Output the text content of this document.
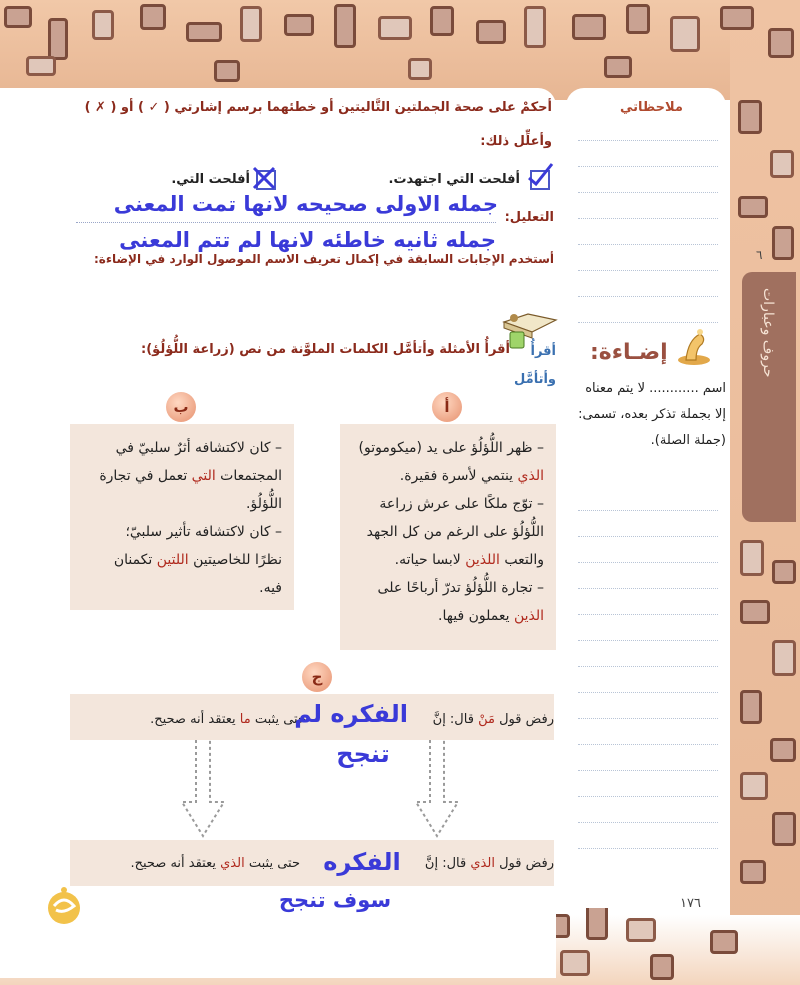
ملاحظاتي
٦
حروف وعبارات
إضـاءة:
اسم ............ لا يتم معناه إلا بجملة تذكر بعده، تسمى: (جملة الصلة).
أحكمْ على صحة الجملتين التَّاليتين أو خطئهما برسم إشارتي ( ✓ ) أو ( ✗ )
وأعلِّل ذلك:
أفلحت التي اجتهدت.
أفلحت التي.
التعليل:
جمله الاولى صحيحه لانها تمت المعنى
جمله ثانيه خاطئه لانها لم تتم المعنى
أستخدم الإجابات السابقة في إكمال تعريف الاسم الموصول الوارد في الإضاءة:
أقرأُ
وأتأمَّل
أقرأُ الأمثلة وأتأمَّل الكلمات الملوَّنة من نص (زراعة اللُّؤلُؤ):
أ

– ظهر اللُّؤلُؤ على يد (ميكوموتو)

الذي ينتمي لأسرة فقيرة.

– توّج ملكًا على عرش زراعة

اللُّؤلُؤ على الرغم من كل الجهد

والتعب اللذين لابسا حياته.

– تجارة اللُّؤلُؤ تدرّ أرباحًا على

الذين يعملون فيها.

ب

– كان لاكتشافه أثرٌ سلبيّ في

المجتمعات التي تعمل في تجارة

اللُّؤلُؤ.

– كان لاكتشافه تأثير سلبيّ؛

نظرًا للخاصيتين اللتين تكمنان

فيه.

ج
رفض قول مَنْ قال: إنَّ
حتى يثبت ما يعتقد أنه صحيح.	الفكره لم
تنجح
رفض قول الذي قال: إنَّ
حتى يثبت الذي يعتقد أنه صحيح.	الفكره
سوف تنجح	١٧٦
